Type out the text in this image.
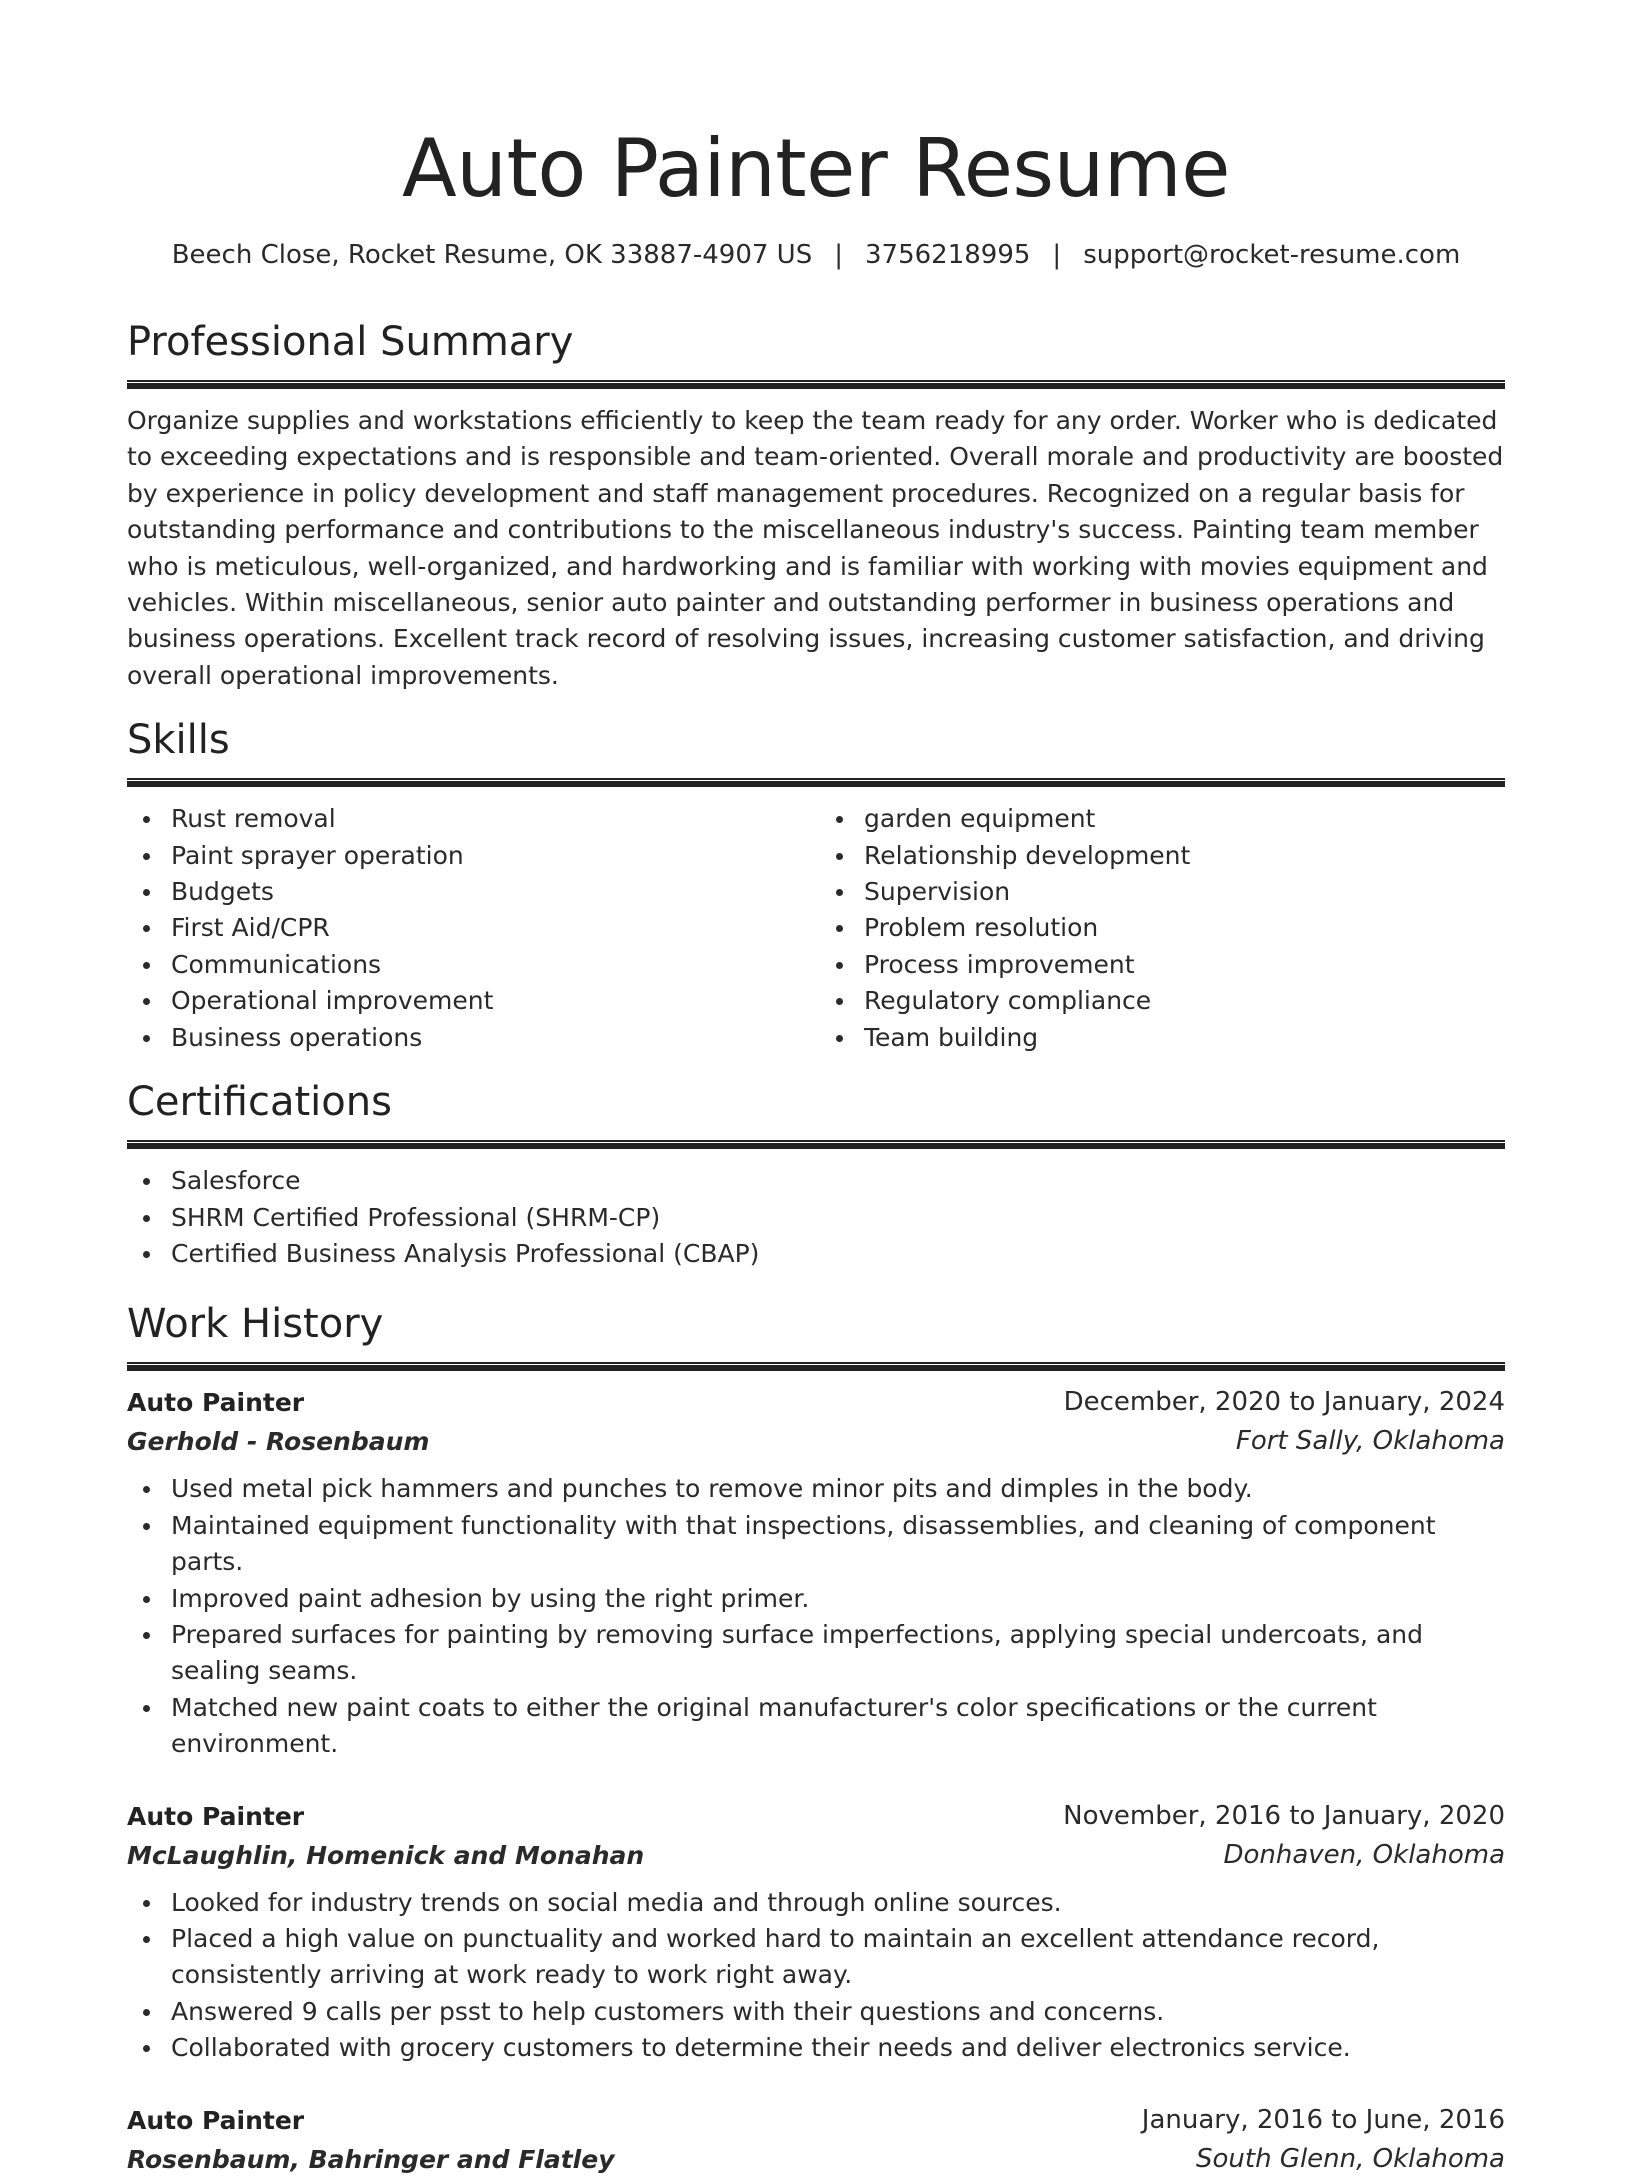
Auto Painter Resume
Beech Close, Rocket Resume, OK 33887-4907 US | 3756218995 | support@rocket-resume.com
Professional Summary

Organize supplies and workstations efficiently to keep the team ready for any order. Worker who is dedicated to exceeding expectations and is responsible and team-oriented. Overall morale and productivity are boosted by experience in policy development and staff management procedures. Recognized on a regular basis for outstanding performance and contributions to the miscellaneous industry's success. Painting team member who is meticulous, well-organized, and hardworking and is familiar with working with movies equipment and vehicles. Within miscellaneous, senior auto painter and outstanding performer in business operations and business operations. Excellent track record of resolving issues, increasing customer satisfaction, and driving overall operational improvements.

Skills
Rust removal
Paint sprayer operation
Budgets
First Aid/CPR
Communications
Operational improvement
Business operations
garden equipment
Relationship development
Supervision
Problem resolution
Process improvement
Regulatory compliance
Team building
Certifications
Salesforce
SHRM Certified Professional (SHRM-CP)
Certified Business Analysis Professional (CBAP)
Work History
Auto Painter	December, 2020 to January, 2024
Gerhold - Rosenbaum	Fort Sally, Oklahoma
Used metal pick hammers and punches to remove minor pits and dimples in the body.
Maintained equipment functionality with that inspections, disassemblies, and cleaning of component parts.
Improved paint adhesion by using the right primer.
Prepared surfaces for painting by removing surface imperfections, applying special undercoats, and sealing seams.
Matched new paint coats to either the original manufacturer's color specifications or the current environment.
Auto Painter	November, 2016 to January, 2020
McLaughlin, Homenick and Monahan	Donhaven, Oklahoma
Looked for industry trends on social media and through online sources.
Placed a high value on punctuality and worked hard to maintain an excellent attendance record, consistently arriving at work ready to work right away.
Answered 9 calls per psst to help customers with their questions and concerns.
Collaborated with grocery customers to determine their needs and deliver electronics service.
Auto Painter	January, 2016 to June, 2016
Rosenbaum, Bahringer and Flatley	South Glenn, Oklahoma
